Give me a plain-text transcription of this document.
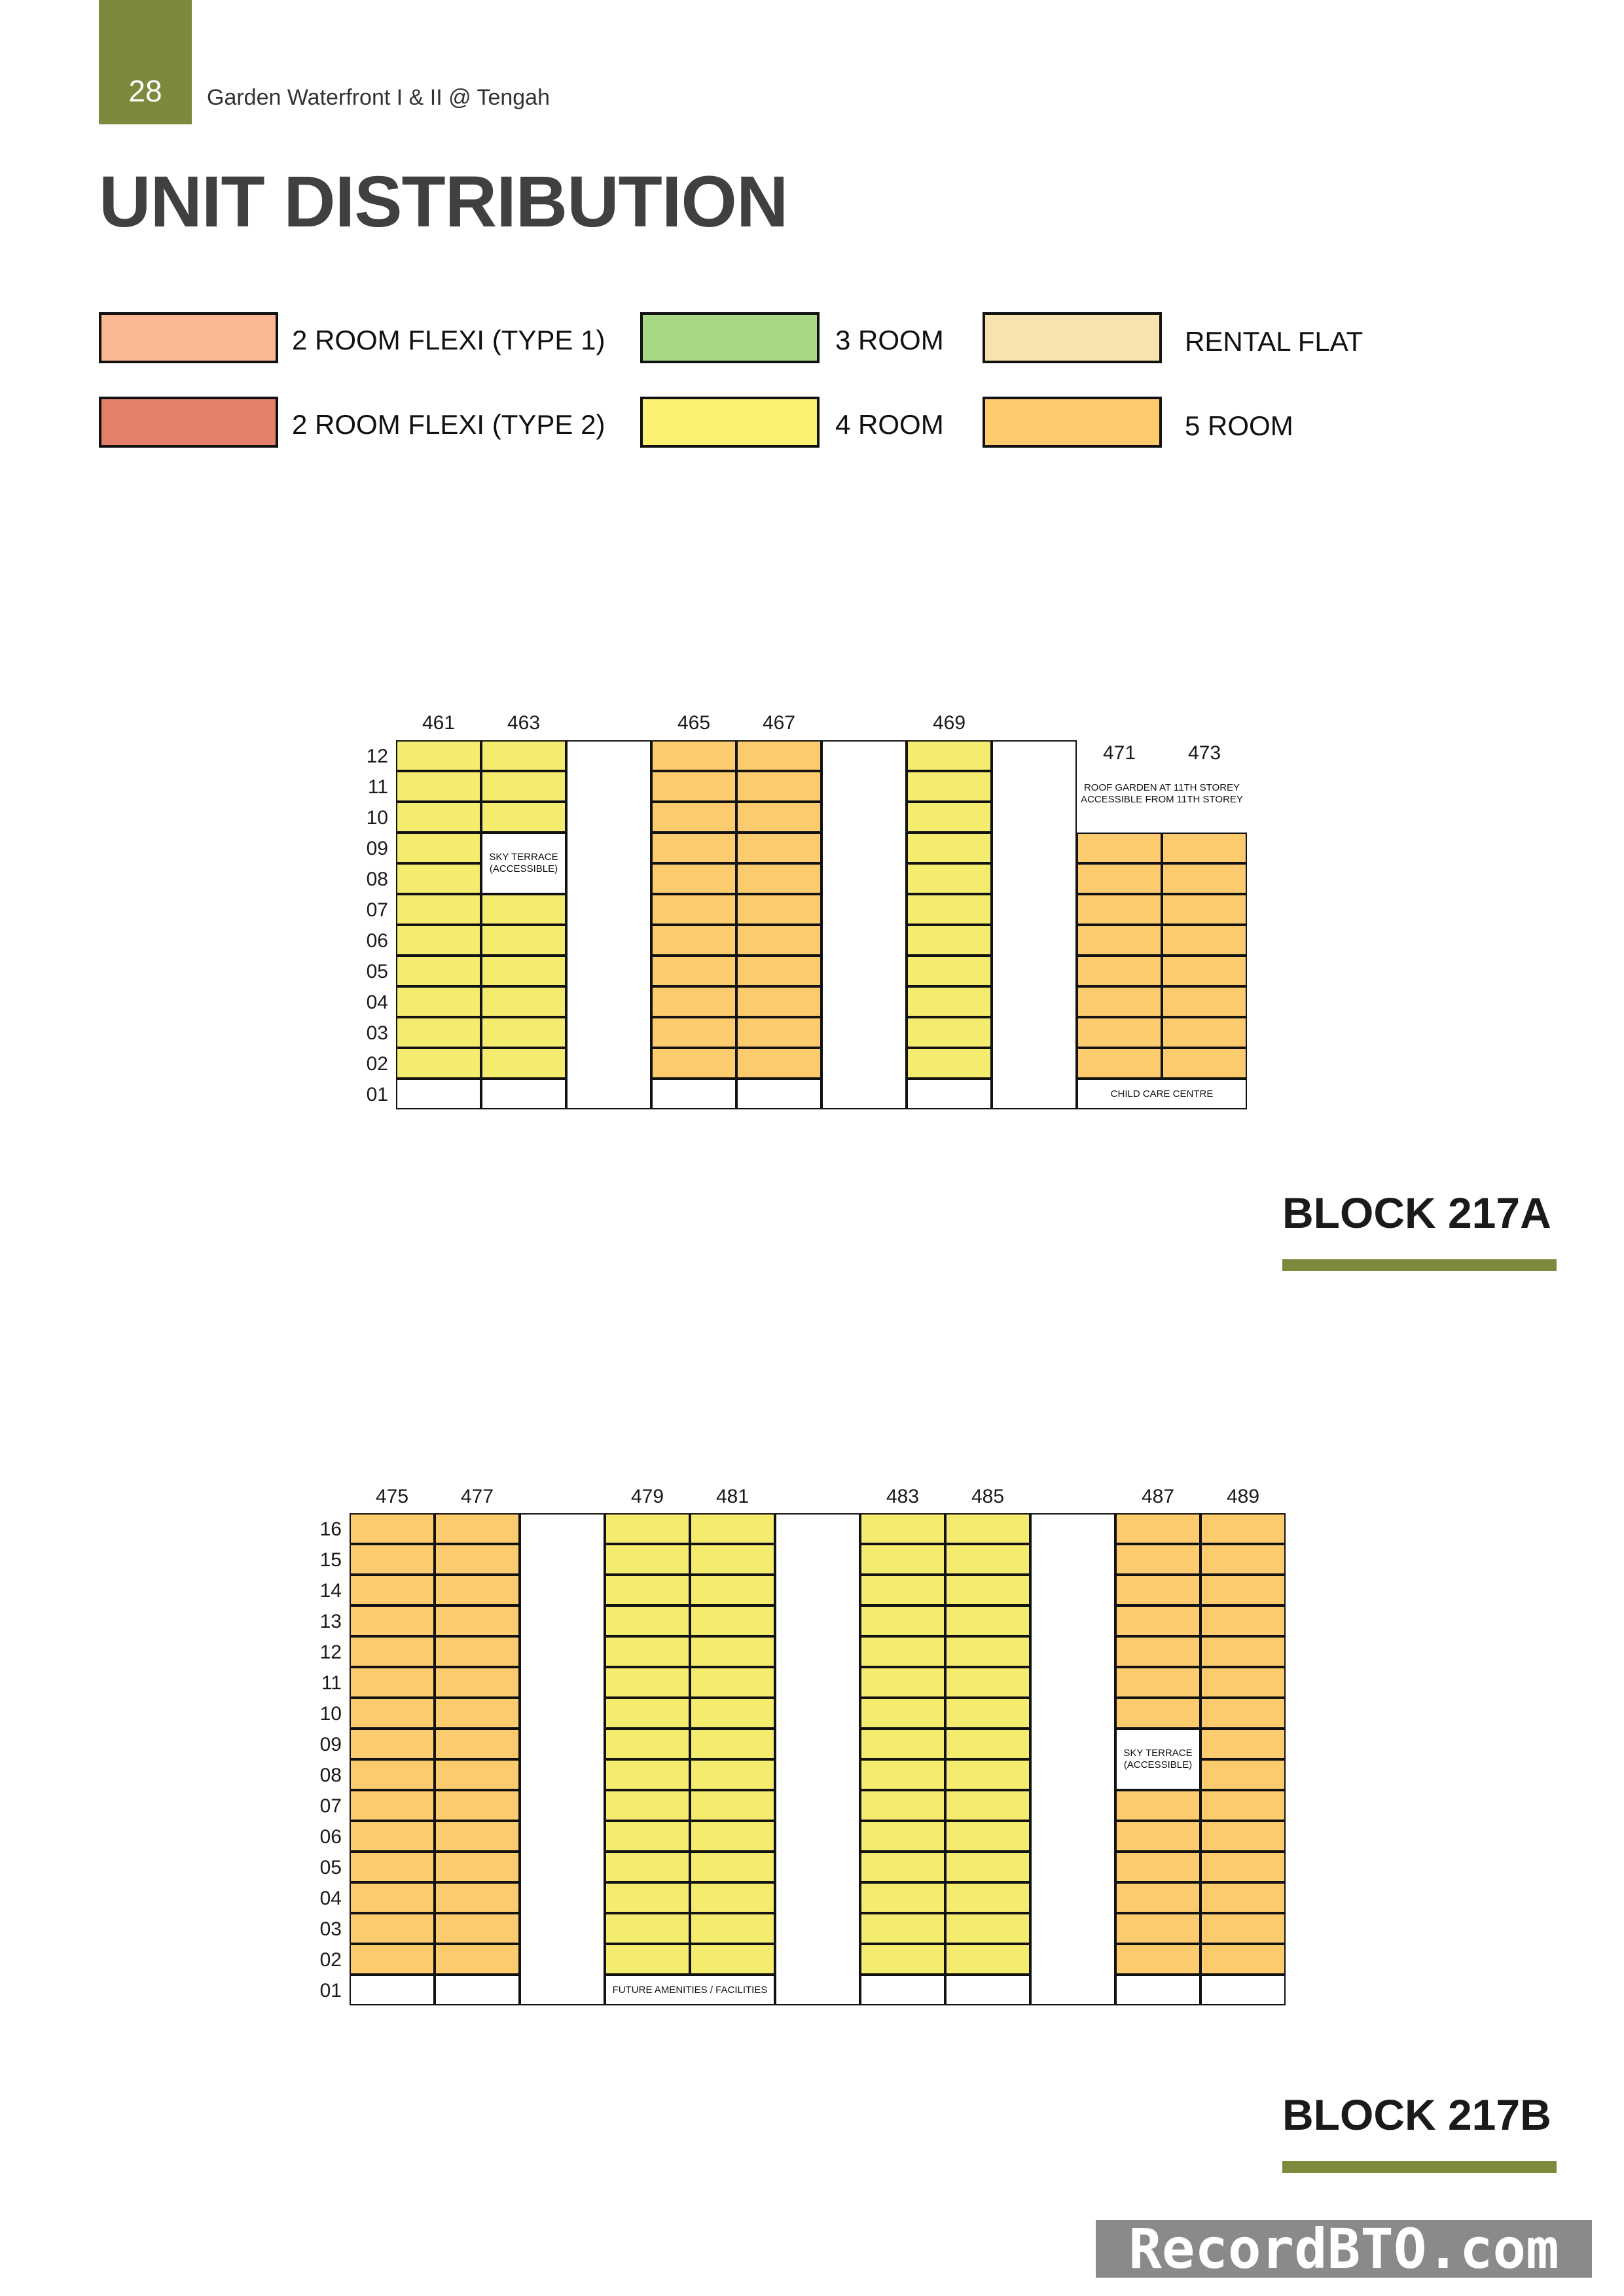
28	Garden Waterfront I & II @ Tengah
UNIT DISTRIBUTION
2 ROOM FLEXI (TYPE 1)	3 ROOM	RENTAL FLAT
2 ROOM FLEXI (TYPE 2)	4 ROOM	5 ROOM
12
11
10
09
08
07
06
05
04
03
02
01
SKY TERRACE (ACCESSIBLE)
CHILD CARE CENTRE
ROOF GARDEN AT 11TH STOREY ACCESSIBLE FROM 11TH STOREY
461	463	465	467	469
471	473
BLOCK 217A
16
15
14
13
12
11
10
09
08
07
06
05
04
03
02
01	FUTURE AMENITIES / FACILITIES
SKY TERRACE (ACCESSIBLE)
475	477	479	481	483	485	487	489
BLOCK 217B
RecordBTO.com
